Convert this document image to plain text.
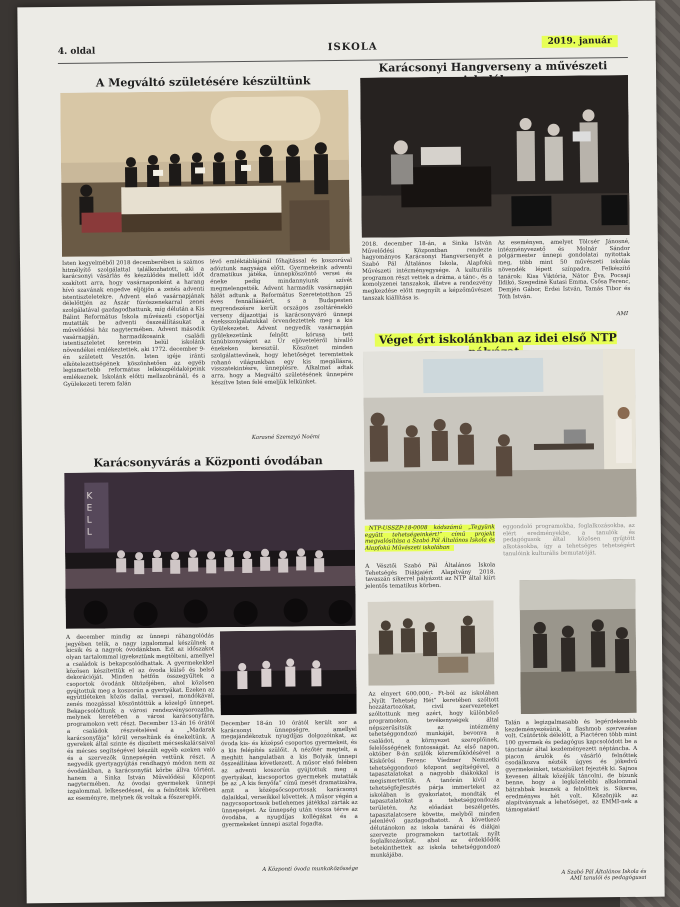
4. oldal	ISKOLA
2019. január
A Megváltó születésére készültünk
Isten kegyelméből 2018 decemberében is számos hitmélyítő szolgálattal találkozhatott, aki a karácsonyi vásárlás és készülődés mellett időt szakított arra, hogy vasárnaponként a harang hívó szavának engedve eljöjjön a zenés adventi istentiszteletekre. Advent első vasárnapjának délelőttjén az Ászár fúvószenekarral zenei szolgálatával gazdagodhattunk, míg délután a Kis Bálint Református Iskola művészeti csoportjai mutatták be adventi összeállításukat a művelődési ház nagytermében. Advent második vasárnapján, harmadikosaink családi istentiszteletet keretein belül iskolánk növendékei emlékeztettek, aki 1772. december 9-én született Vesztőn. Isten igéje iránti elkötelezettségének köszönhetően az egyéb legismertebb református lelkészpéldaképeink emlékeznek. Iskolánk előtti mellszobránál, és a Gyülekezeti terem falán
lévő emléktáblájánál főhajtással és koszorúval adóztunk nagysága előtt. Gyermekeink adventi dramatikus játéka, ünnepköszöntő versei és éneke pedig mindannyiunk szívét megmelengették. Advent harmadik vasárnapján hálát adtunk a Református Szeretetotthon 25 éves fennállásáért, s a Budapesten megrendezésre került országos zsoltárénekló verseny díjazottjai is karácsonyváró ünnepi éneksszolgálatukkal örvendeztettek meg a kis Gyülekezetet. Advent negyedik vasárnapján gyülekezetünk felnőtt kórusa tett tanúbizonyságot az Úr eljöveteléről hívalló énekeken keresztül. Köszönet minden szolgálattevőnek, hogy lehetőséget teremtettek rohanó világunkban egy kis megállásra, visszatekintésre, ünneplésre. Alkalmat adtak arra, hogy a Megváltó születésének ünnepére készítve Isten felé emeljük lelkünket.
Karasné Szemzyó Noémi
Karácsonyi Hangverseny a művészeti
2018. december 18-án, a Sinka István Művelődési Központban rendezte hagyományos Karácsonyi Hangversenyét a Szabó Pál Általános Iskola, Alapfokú Művészeti intézményegysége. A kulturális programon részt vettek a dráma, a tánc-, és a komolyzenei tanszakok, illetve a rendezvény megkezdése előtt megnyílt a képzőművészet tanszak kiállítása is.
Az eseményen, amelyet Tölcsér Jánosné, intézményvezető és Molnár Sándor polgármester ünnepi gondolatai nyitottak meg, több mint 50 művészeti iskolás növendék lépett színpadra. Felkészítő tanárok: Kiss Viktória, Nátor Éva, Pocsaji Ildikó, Szegedinè Kutasi Emma, Csősa Ferenc, Demjén Gábor, Erdei István, Tamás Tibor és Tóth István.
AMI
Véget ért iskolánkban az idei első NTP
NTP-USSZP-18-0008 kódszámú „Tegyünk együtt tehetségeinkért!” című projekt megvalósítása a Szabó Pál Általános Iskola és Alapfokú Művészeti iskolában
A Vésztői Szabó Pál Általános Iskola Tehetségés Diákjaiért Alapítvány 2018. tavaszán sikerrel pályázott az NTP által kiírt jelentős tematikus körben.
eggondoló programokba, foglalkozásokba, az elért eredményekbe, a tanulók és pedagógusok által közösen gyűjtött alkotásokba, így a tehetséges tehetségért tanulóink kulturális bemutatóját.
Az elnyert 600.000,- Ft-ból az iskolában „Nyílt Tehetség Hét” keretében szóltott hozzátartozókat, civil szervezeteket szóltottunk meg azért, hogy különböző programokon, tevékenységek által népszerűsítsük az intézmény tehetséggondozó munkáját, bevonva a családot, a környezet szereplőinek, felelősségének fontosságát. Az első napon, október 8-án szülők közreműködésével a Kiskőrösi Ferenc Víedmer Nemzetki tehetséggondozó központ segítségével, a tapasztalatokat a nagyobb diákokkal is megismertettük. A tanórán kívül a tehetségfejlesztés párja immerteket az iskolában is gyakorlatot, mondták el tapasztalatokat a tehetséggondozás területén. Az előadást beszélgetés, tapasztalatcsere követte, melyből minden jelenlévő gazdagodhatott. A következő délutánokon az iskola tanárai és diákjai szervezte programokon tartottak nyílt foglalkozásokat, ahol az érdeklődők betekinthettek az iskola tehetséggondozó munkájába.
Talán a legizgalmasabb és legérdekesebb kezdeményezésünk, a flashmob szervezése volt. Csütörtök délelőtt, a Piactéren több mint 100 gyermek és pedagógus kapcsolódott be a tánctanár által kezdeményezett néptáncba. A piacon árulók és vásárló felnőttek csodálkozva nézték úgyes és jókedvű gyermekeinket, tetszésüket fejezték ki. Sajnos kevesen álltak közéjük táncolni, de bízunk benne, hogy a legközelebbi alkalommal bátrabbak lesznek a felnőttek is. Sikeres, eredményes hét volt. Köszönjük az alapítványnak a lehetőséget, az EMMI-nek a támogatást!
A Szabó Pál Általános Iskola és AMI tanulói és pedagógusai
Karácsonyvárás a Központi óvodában
K
E
L
L
A december mindig az ünnepi ráhangolódás jegyében telik, a nagy izgalommal készülnek a kicsik és a nagyok óvodánkban. Ezt az időszakot olyan tartalommal igyekeztünk megtölteni, amellyel a családok is bekapcsolódhattak. A gyermekekkel közösen készítettük el az óvoda külső és belső dekorációját. Minden hétfőn összegyűltek a csoportok óvodánk öltözőjében, ahol közösen gyújtottuk meg a koszorún a gyertyákat. Ezeken az együttléteken közös dallal, verssel, mondókával, zenés mozgással köszöntöttük a közelgő ünnepet. Bekapcsolódtunk a városi rendezvénysorozatba, melynek keretében a városi karácsonyfára, programokon vett részt. December 13-án 16 órától a családok részvételével a „Madarak karácsonyfája” körül verseltünk és énekeltünk. A gyerekek által szinte és díszített mécseskalácsaival és mécses segítségével készült egyéb ezeken való és a szervezők ünnepségén vettünk részt. A negyedik gyertyagyújtás rendhagyó módon nem az óvodánkban, a karácsonyfát körbe állva történt, hanem a Sinka István Művelődési Központ nagytermében. Az óvodai gyermekek ünnepi izgalommal, lelkesedéssel, és a felnőttek körében az eseményre, melynek ők voltak a főszereplői.
December 18-án 10 órától került sor a karácsonyi ünnepségre, amellyel megajándékoztuk nyugdíjas dolgozóinkat, az óvoda kis- és középső csoportos gyermekeit, és a kis felépítés szülőit. A nézőtér megtelt, a meghitt hangulatban a kis Bolyák ünnepi összeállítása következett. A műsor első felében az adventi koszorún gyújtottuk meg a gyertyákat, kiscsoportos gyermekek mutatták be az „A kis fenyőfa” című mesét dramatizálva, amit a középsőcsoportosak karácsonyi dalaikkal, verseikkel követtek. A műsor végén a nagycsoportosok betlehemes játékkal zárták az ünnepséget. Az ünnepség után vissza térve az óvodába, a nyugdíjas kollégákat és a gyermekeket ünnepi asztal fogadta.
A Központi óvoda munkaközössége
